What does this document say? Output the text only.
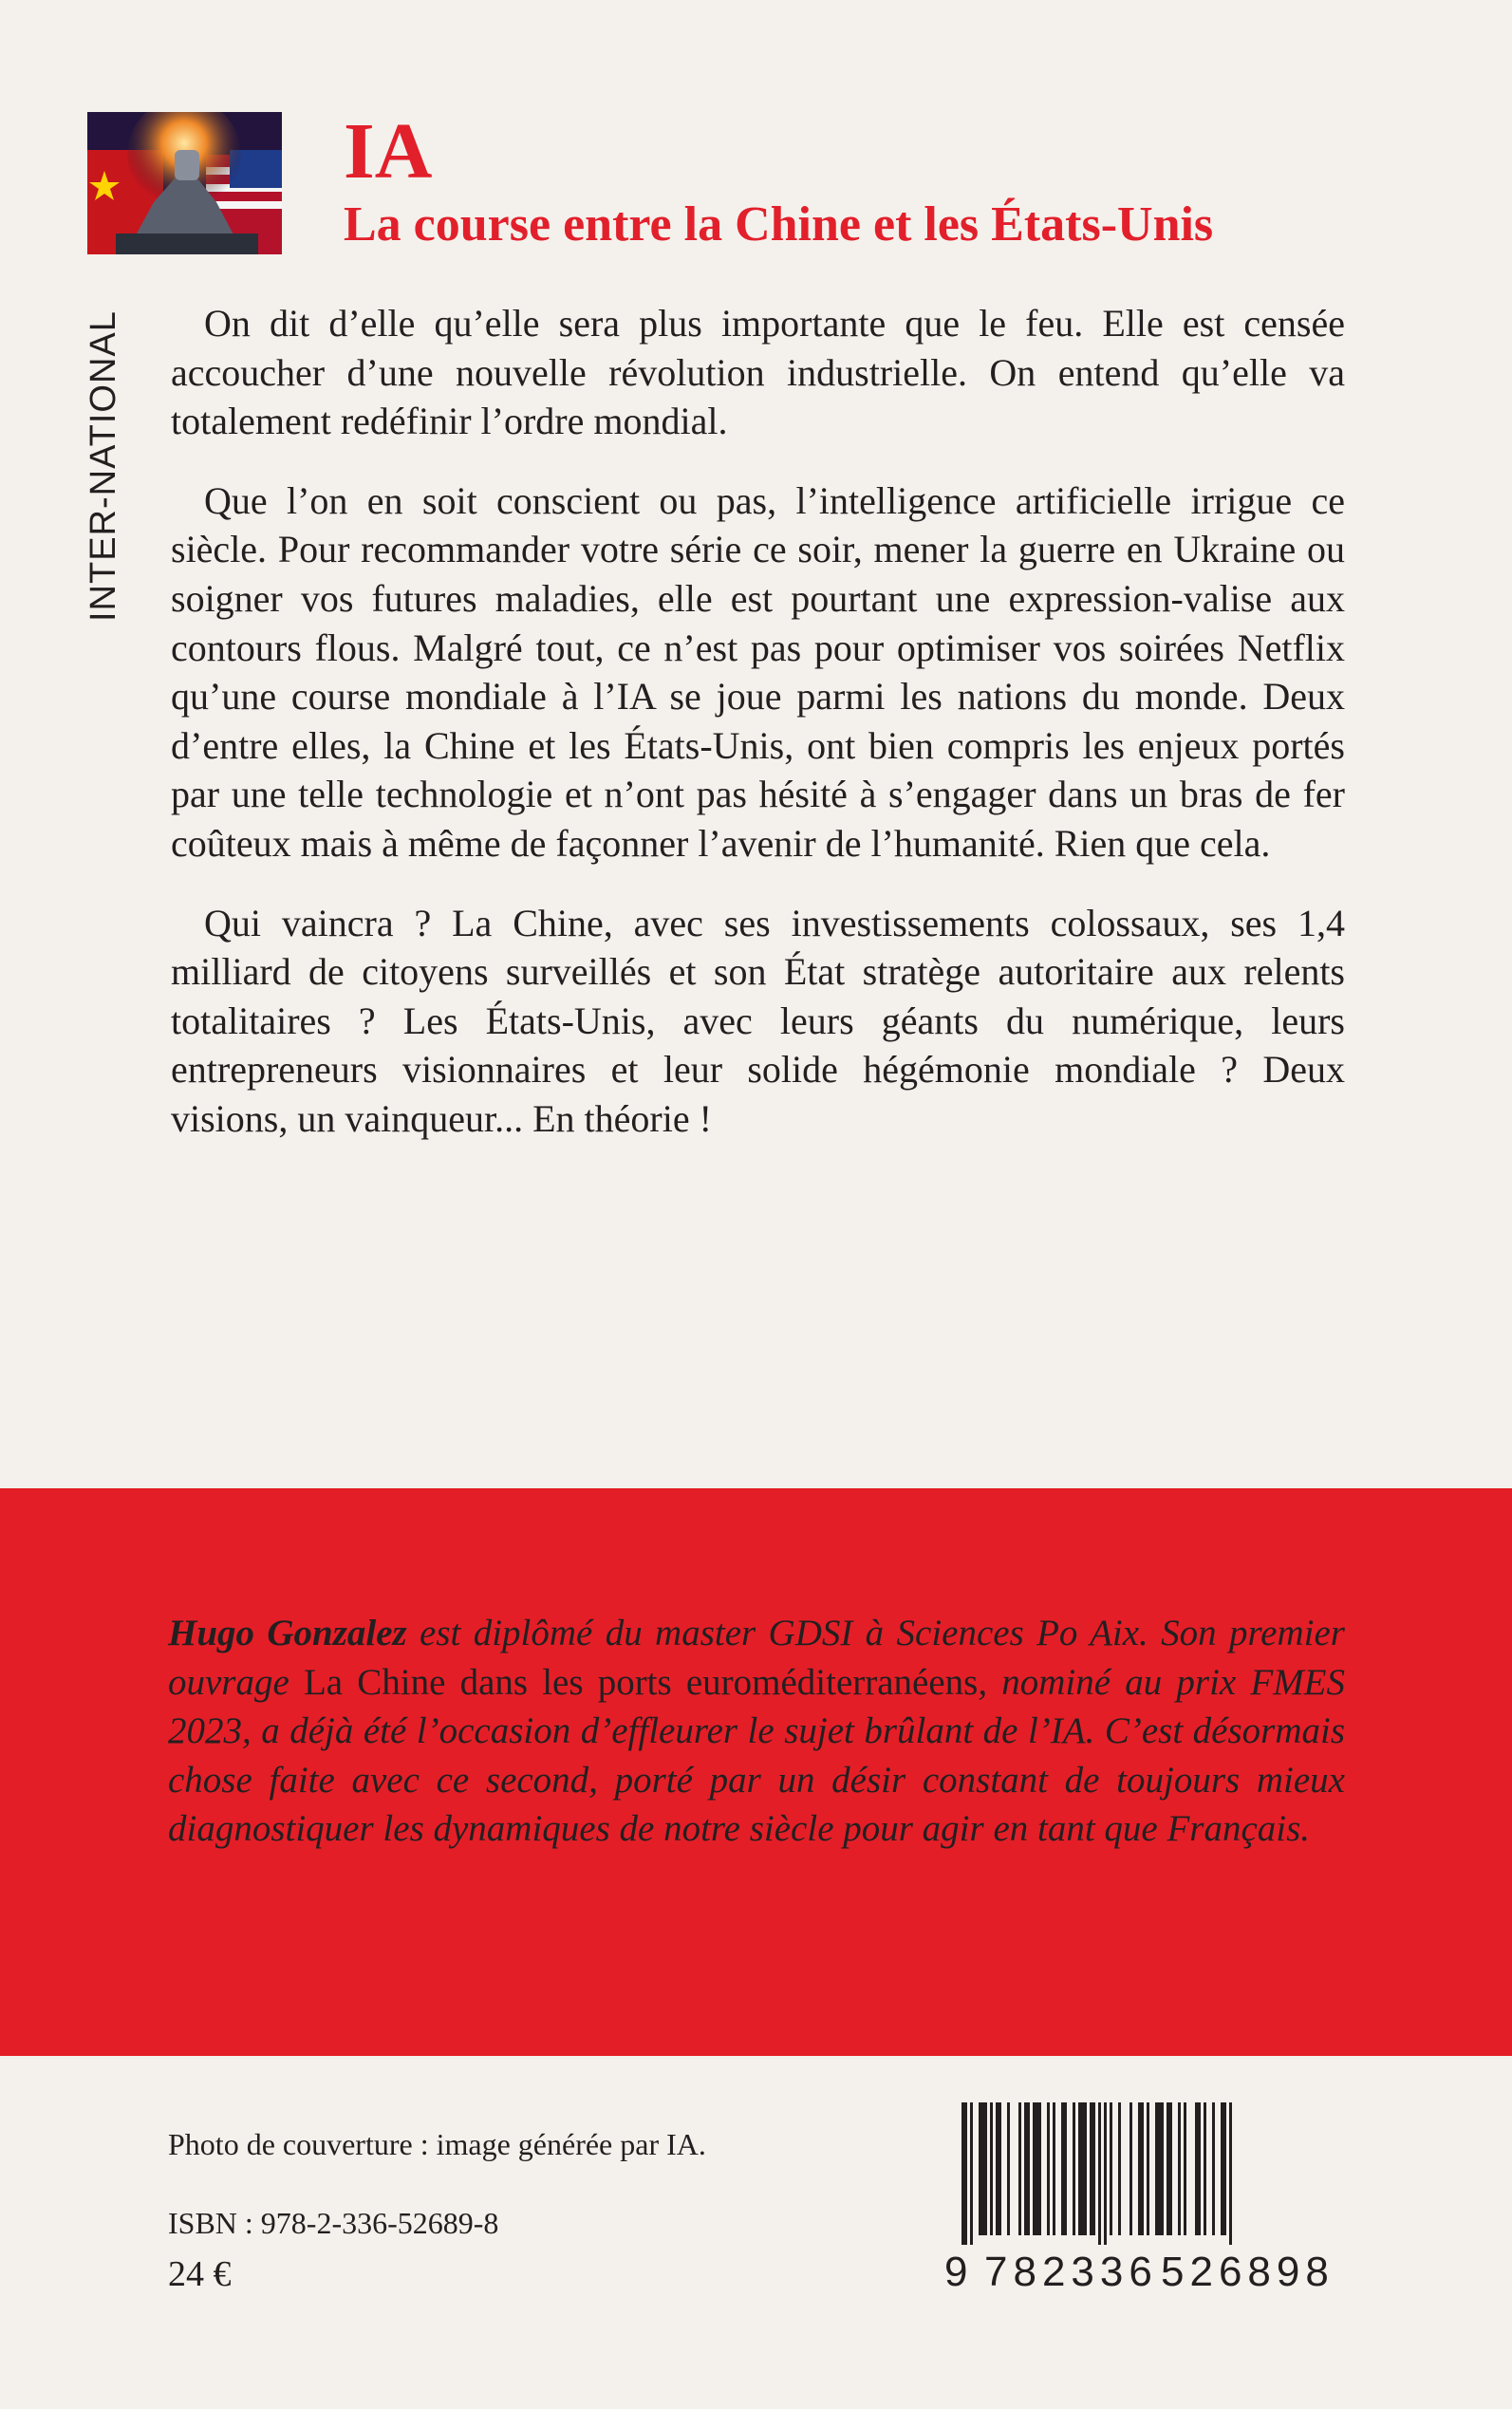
IA
La course entre la Chine et les États-Unis
INTER-NATIONAL	On dit d’elle qu’elle sera plus importante que le feu. Elle est censée accoucher d’une nouvelle révolution industrielle. On entend qu’elle va totalement redéfinir l’ordre mondial.

Que l’on en soit conscient ou pas, l’intelligence artificielle irrigue ce siècle. Pour recommander votre série ce soir, mener la guerre en Ukraine ou soigner vos futures maladies, elle est pourtant une expression-valise aux contours flous. Malgré tout, ce n’est pas pour optimiser vos soirées Netflix qu’une course mondiale à l’IA se joue parmi les nations du monde. Deux d’entre elles, la Chine et les États-Unis, ont bien compris les enjeux portés par une telle technologie et n’ont pas hésité à s’engager dans un bras de fer coûteux mais à même de façonner l’avenir de l’humanité. Rien que cela.

Qui vaincra ? La Chine, avec ses investissements colossaux, ses 1,4 milliard de citoyens surveillés et son État stratège autoritaire aux relents totalitaires ? Les États-Unis, avec leurs géants du numérique, leurs entrepreneurs visionnaires et leur solide hégémonie mondiale ? Deux visions, un vainqueur... En théorie !

Hugo Gonzalez est diplômé du master GDSI à Sciences Po Aix. Son premier ouvrage La Chine dans les ports euroméditerranéens, nominé au prix FMES 2023, a déjà été l’occasion d’effleurer le sujet brûlant de l’IA. C’est désormais chose faite avec ce second, porté par un désir constant de toujours mieux diagnostiquer les dynamiques de notre siècle pour agir en tant que Français.
Photo de couverture : image générée par IA.
ISBN : 978-2-336-52689-8
24 €	9 782336 526898
